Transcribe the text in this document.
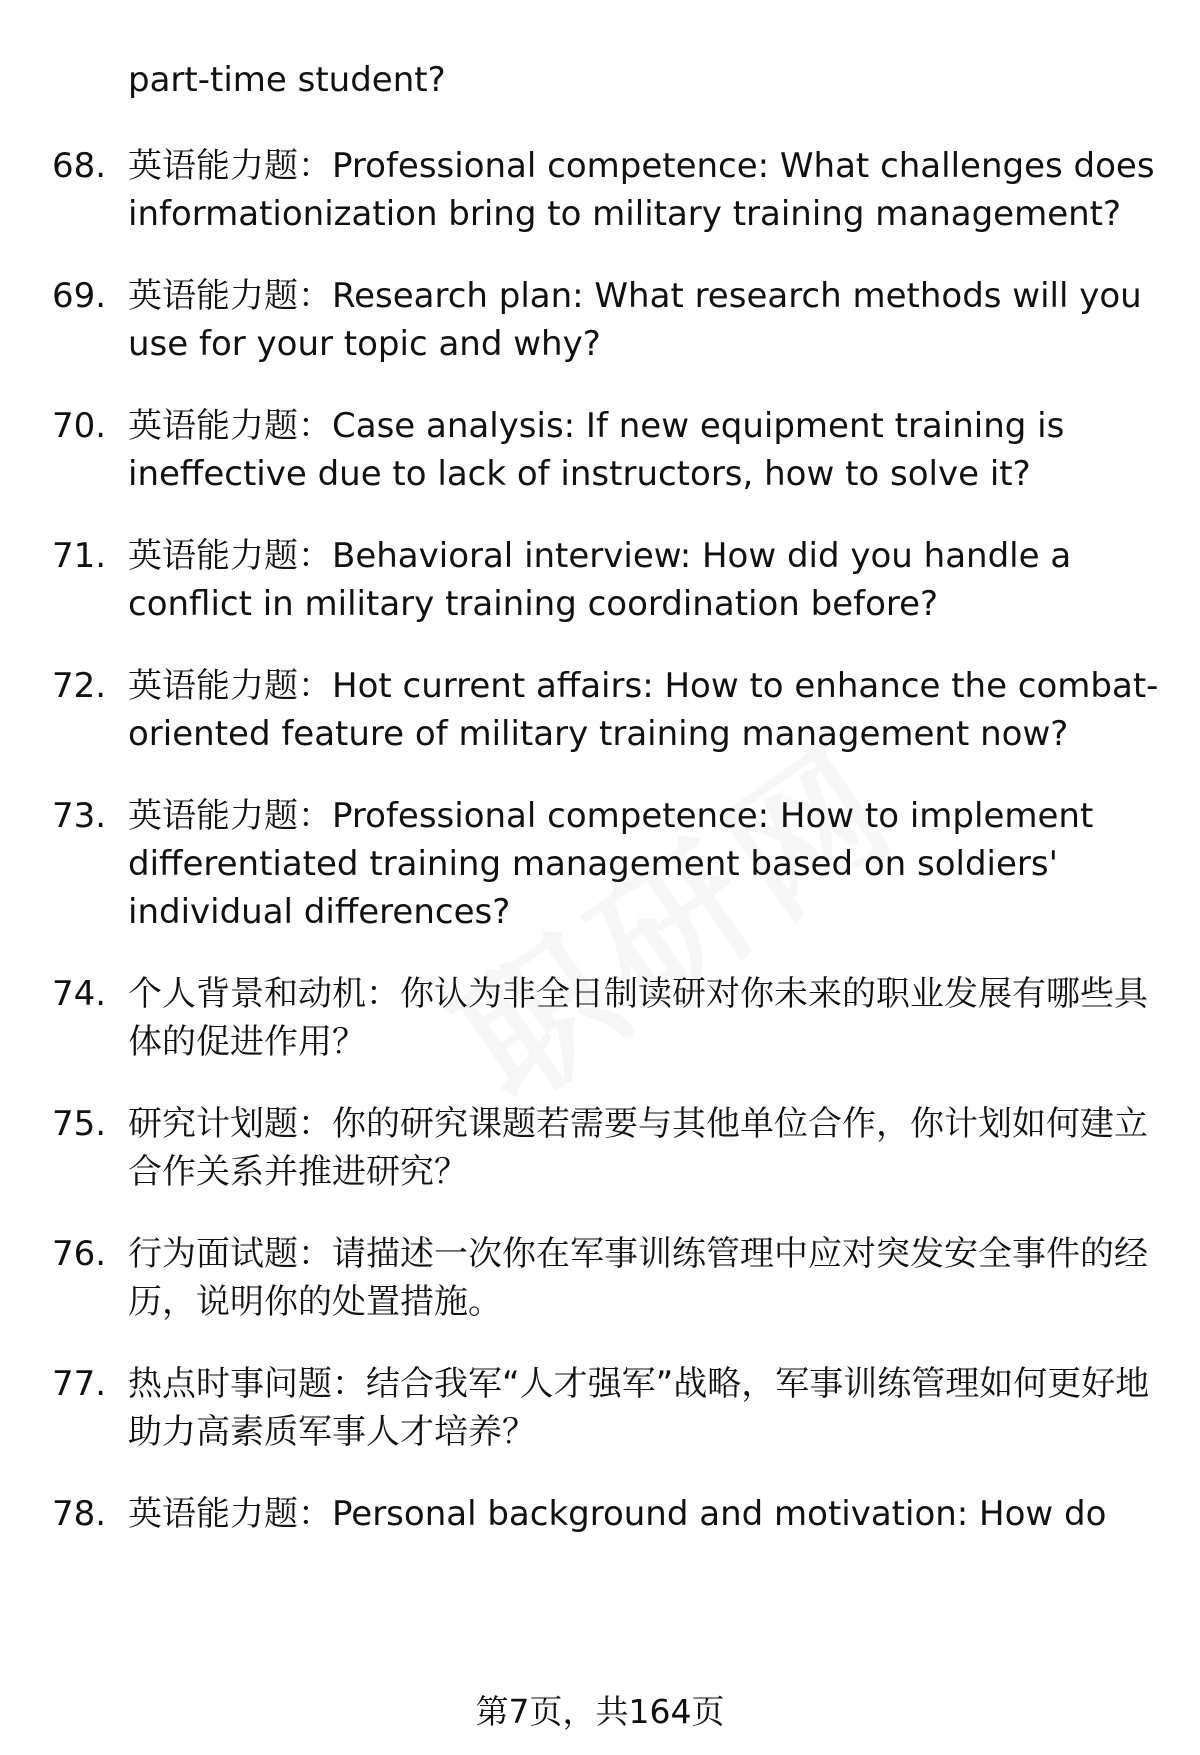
part-time student?
68. 英语能力题：Professional competence: What challenges does informationization bring to military training management?
69. 英语能力题：Research plan: What research methods will you use for your topic and why?
70. 英语能力题：Case analysis: If new equipment training is ineffective due to lack of instructors, how to solve it?
71. 英语能力题：Behavioral interview: How did you handle a conflict in military training coordination before?
72. 英语能力题：Hot current affairs: How to enhance the combat-oriented feature of military training management now?
73. 英语能力题：Professional competence: How to implement differentiated training management based on soldiers' individual differences?
74. 个人背景和动机：你认为非全日制读研对你未来的职业发展有哪些具体的促进作用？
75. 研究计划题：你的研究课题若需要与其他单位合作，你计划如何建立合作关系并推进研究？
76. 行为面试题：请描述一次你在军事训练管理中应对突发安全事件的经历，说明你的处置措施。
77. 热点时事问题：结合我军“人才强军”战略，军事训练管理如何更好地助力高素质军事人才培养？
78. 英语能力题：Personal background and motivation: How do
第7页，共164页
